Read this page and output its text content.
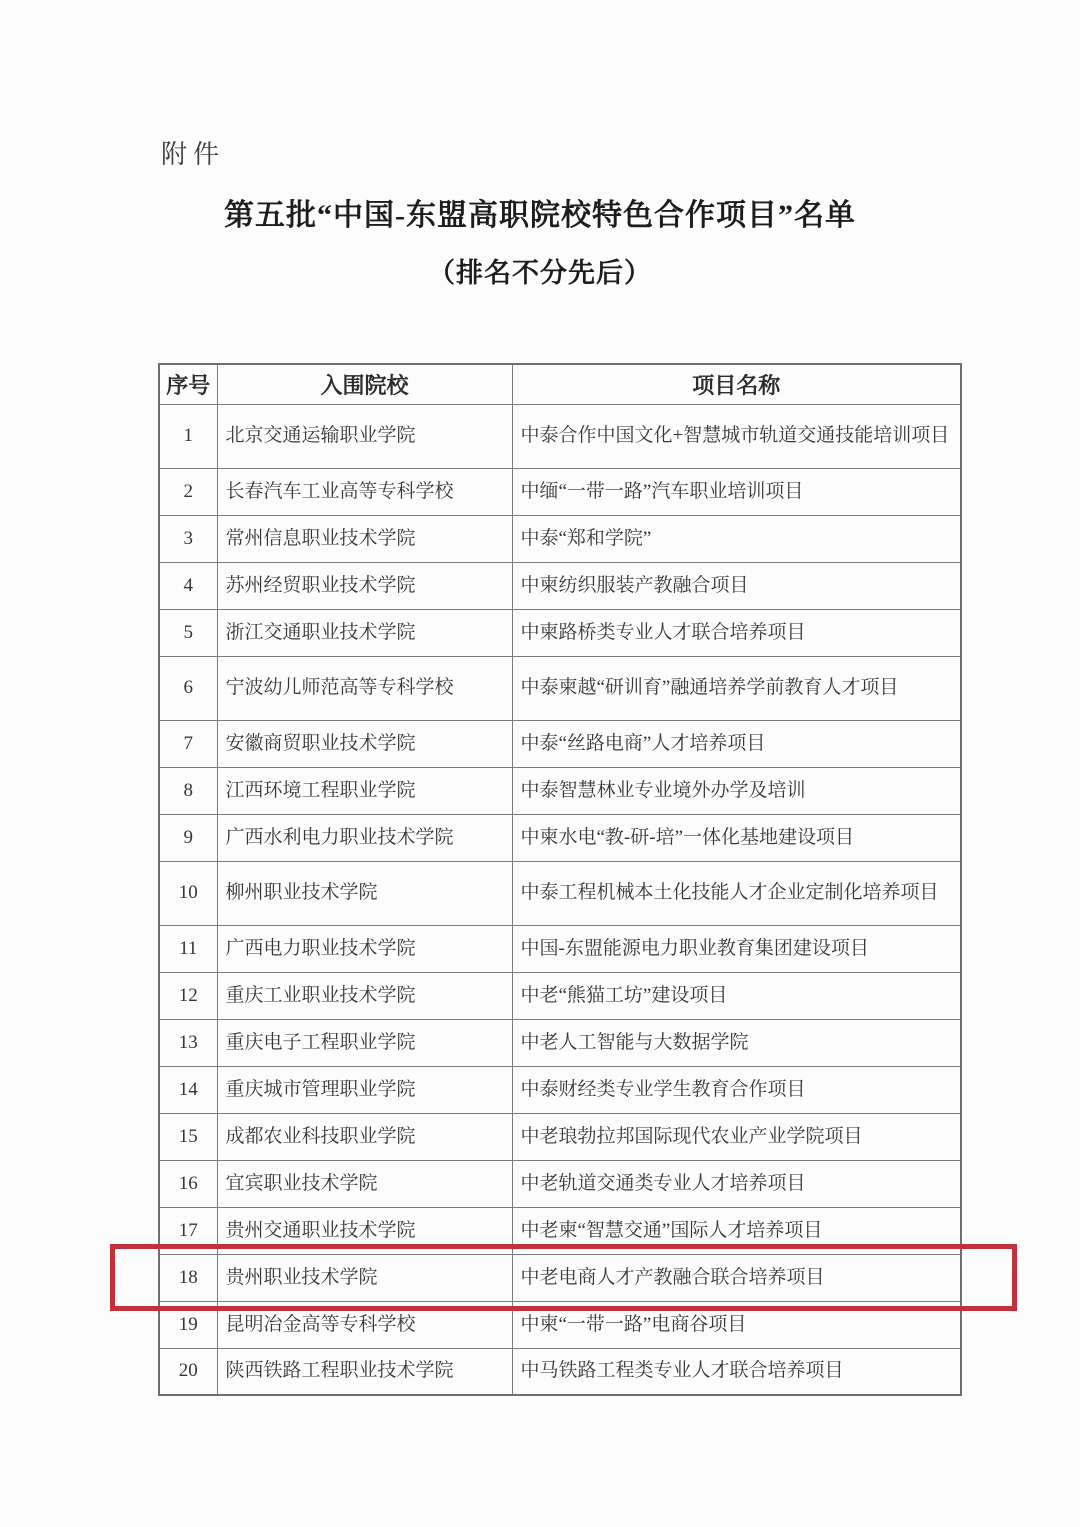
附件
第五批“中国-东盟高职院校特色合作项目”名单
（排名不分先后）
序号	入围院校	项目名称
1	北京交通运输职业学院	中泰合作中国文化+智慧城市轨道交通技能培训项目
2	长春汽车工业高等专科学校	中缅“一带一路”汽车职业培训项目
3	常州信息职业技术学院	中泰“郑和学院”
4	苏州经贸职业技术学院	中柬纺织服装产教融合项目
5	浙江交通职业技术学院	中柬路桥类专业人才联合培养项目
6	宁波幼儿师范高等专科学校	中泰柬越“研训育”融通培养学前教育人才项目
7	安徽商贸职业技术学院	中泰“丝路电商”人才培养项目
8	江西环境工程职业学院	中泰智慧林业专业境外办学及培训
9	广西水利电力职业技术学院	中柬水电“教-研-培”一体化基地建设项目
10	柳州职业技术学院	中泰工程机械本土化技能人才企业定制化培养项目
11	广西电力职业技术学院	中国-东盟能源电力职业教育集团建设项目
12	重庆工业职业技术学院	中老“熊猫工坊”建设项目
13	重庆电子工程职业学院	中老人工智能与大数据学院
14	重庆城市管理职业学院	中泰财经类专业学生教育合作项目
15	成都农业科技职业学院	中老琅勃拉邦国际现代农业产业学院项目
16	宜宾职业技术学院	中老轨道交通类专业人才培养项目
17	贵州交通职业技术学院	中老柬“智慧交通”国际人才培养项目
18	贵州职业技术学院	中老电商人才产教融合联合培养项目
19	昆明冶金高等专科学校	中柬“一带一路”电商谷项目
20	陕西铁路工程职业技术学院	中马铁路工程类专业人才联合培养项目
